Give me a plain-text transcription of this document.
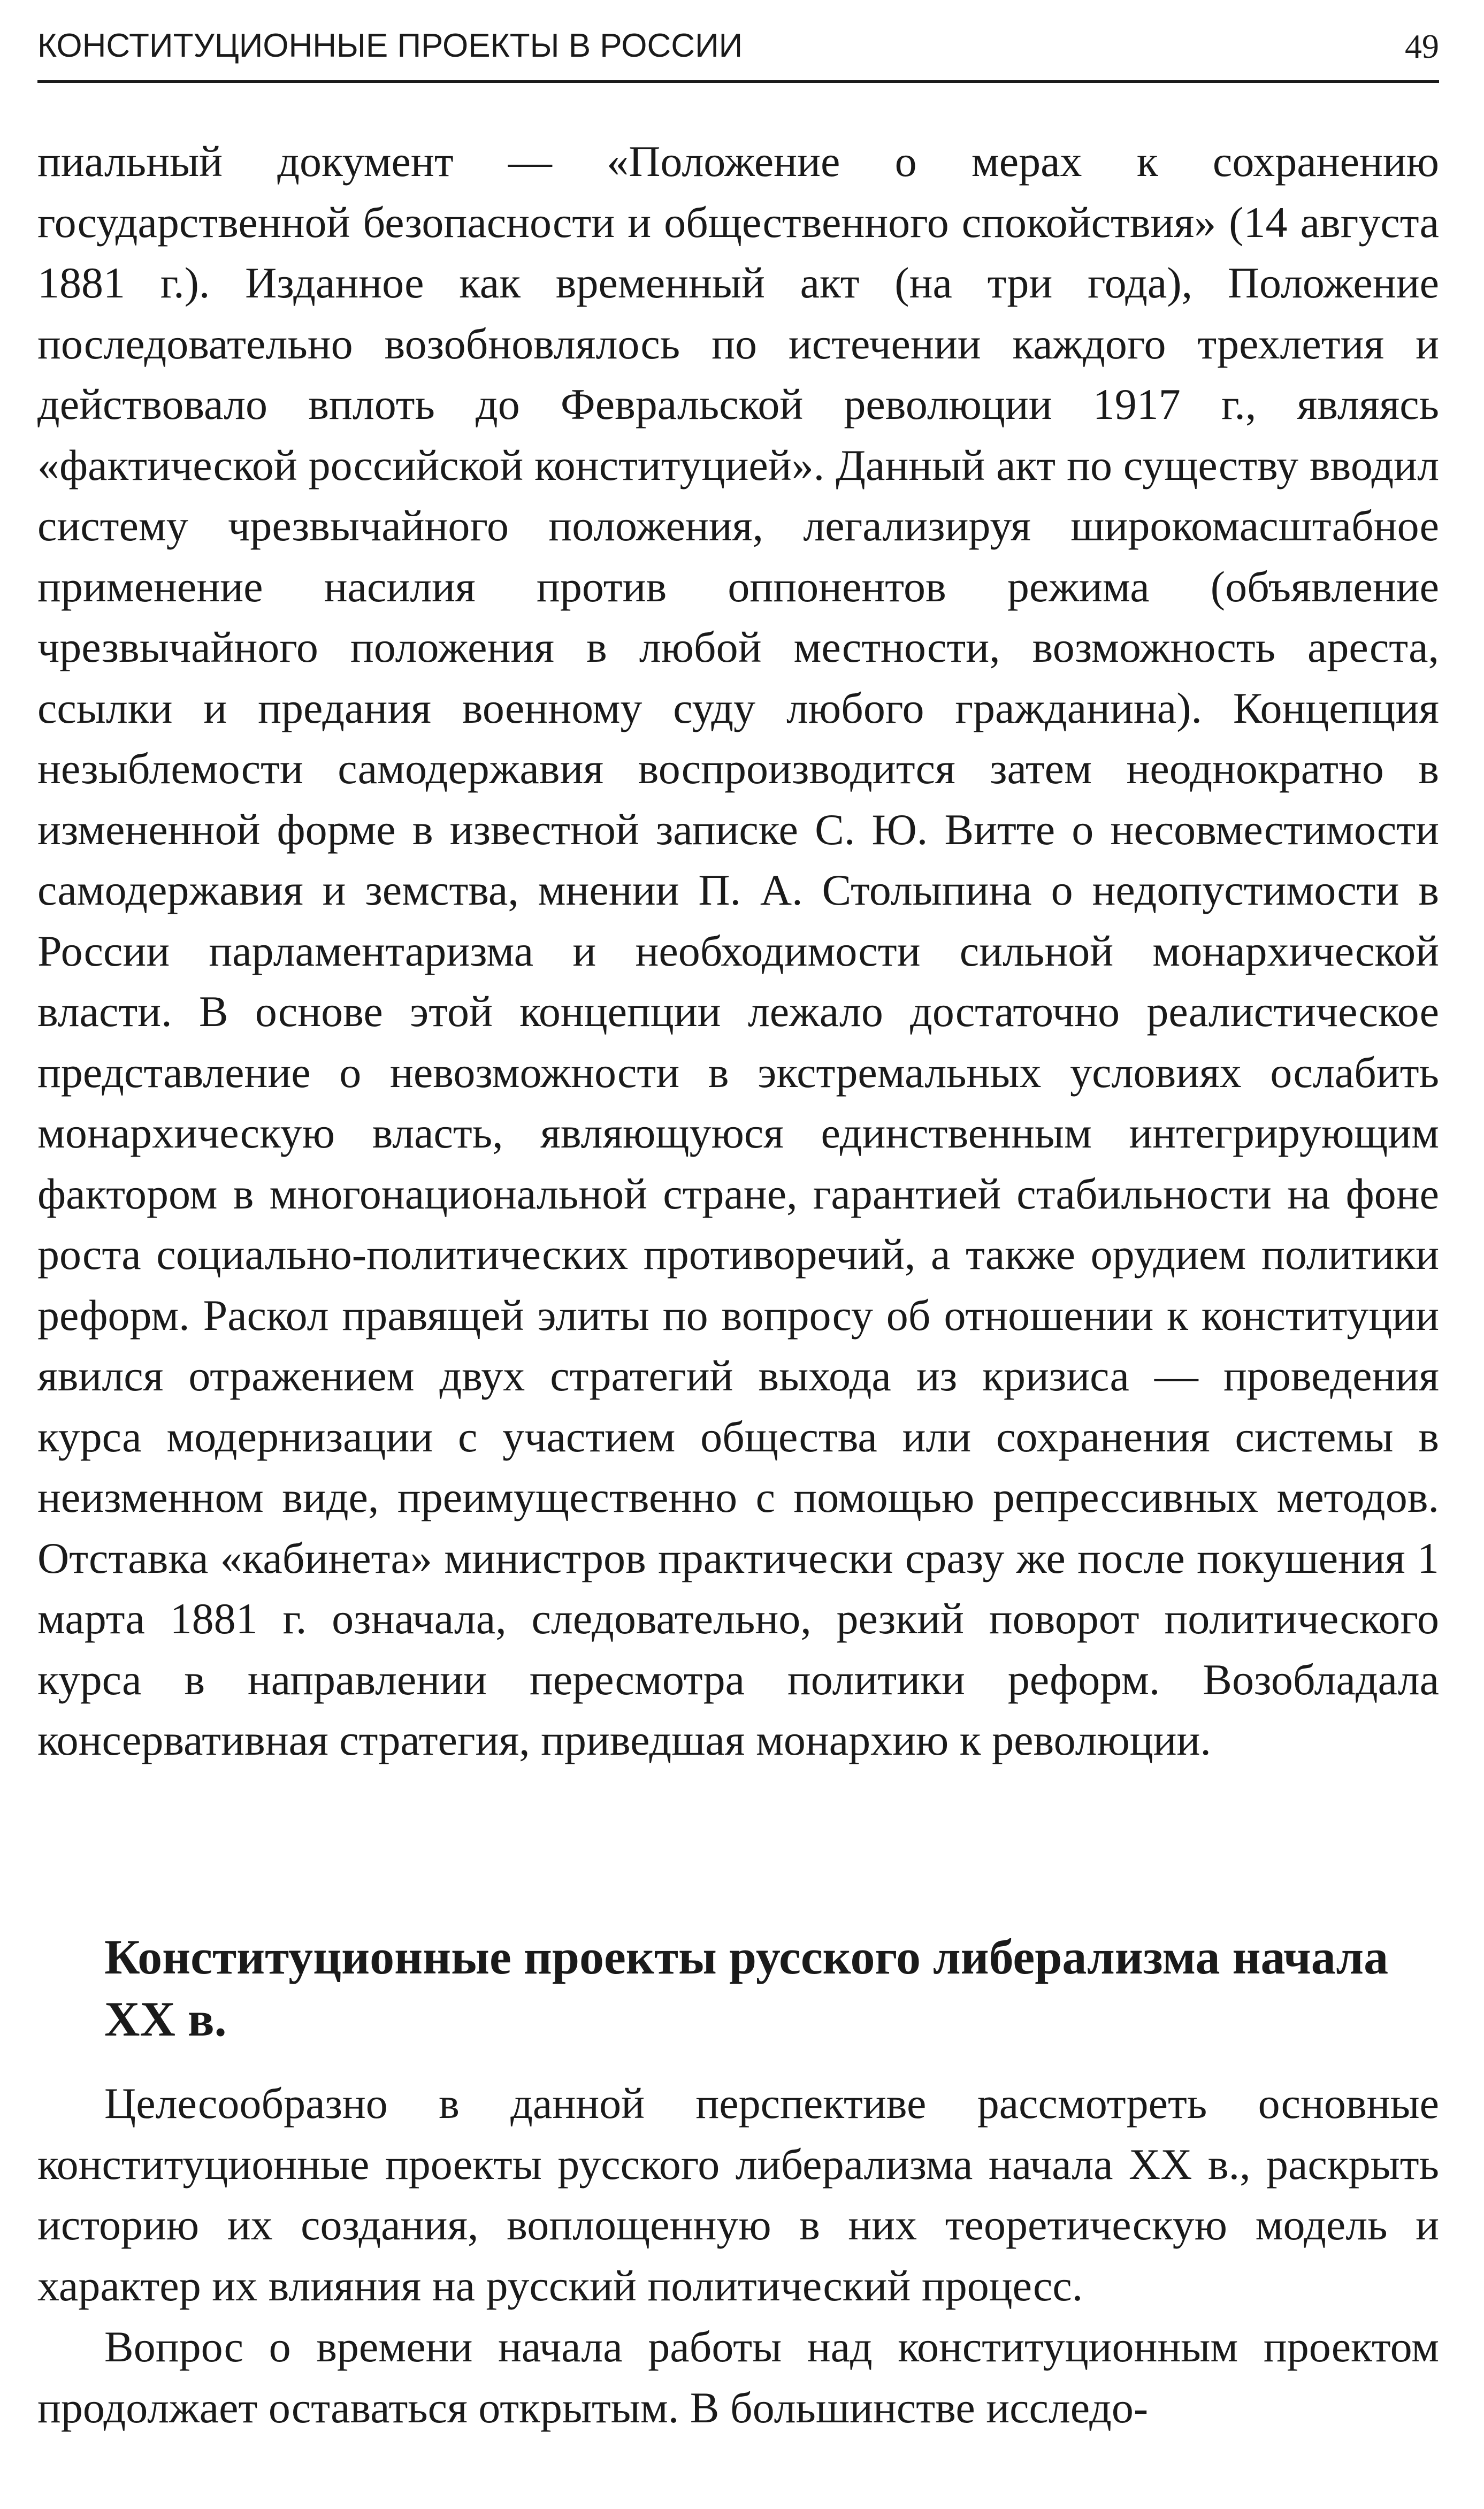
КОНСТИТУЦИОННЫЕ ПРОЕКТЫ В РОССИИ	49

пиальный документ — «Положение о мерах к сохранению государственной безопасности и общественного спокойствия» (14 августа 1881 г.). Изданное как временный акт (на три года), Положение последовательно возобновлялось по истечении каждого трехлетия и действовало вплоть до Февральской революции 1917 г., являясь «фактической российской конституцией». Данный акт по существу вводил систему чрезвычайного положения, легализируя широкомасштабное применение насилия против оппонентов режима (объявление чрезвычайного положения в любой местности, возможность ареста, ссылки и предания военному суду любого гражданина). Концепция незыблемости самодержавия воспроизводится затем неоднократно в измененной форме в известной записке С. Ю. Витте о несовместимости самодержавия и земства, мнении П. А. Столыпина о недопустимости в России парламентаризма и необходимости сильной монархической власти. В основе этой концепции лежало достаточно реалистическое представление о невозможности в экстремальных условиях ослабить монархическую власть, являющуюся единственным интегрирующим фактором в многонациональной стране, гарантией стабильности на фоне роста социально-политических противоречий, а также орудием политики реформ. Раскол правящей элиты по вопросу об отношении к конституции явился отражением двух стратегий выхода из кризиса — проведения курса модернизации с участием общества или сохранения системы в неизменном виде, преимущественно с помощью репрессивных методов. Отставка «кабинета» министров практически сразу же после покушения 1 марта 1881 г. означала, следовательно, резкий поворот политического курса в направлении пересмотра политики реформ. Возобладала консервативная стратегия, приведшая монархию к революции.

Конституционные проекты русского либерализма начала XX в.

Целесообразно в данной перспективе рассмотреть основные конституционные проекты русского либерализма начала XX в., раскрыть историю их создания, воплощенную в них теоретическую модель и характер их влияния на русский политический процесс.

Вопрос о времени начала работы над конституционным проектом продолжает оставаться открытым. В большинстве исследо-
